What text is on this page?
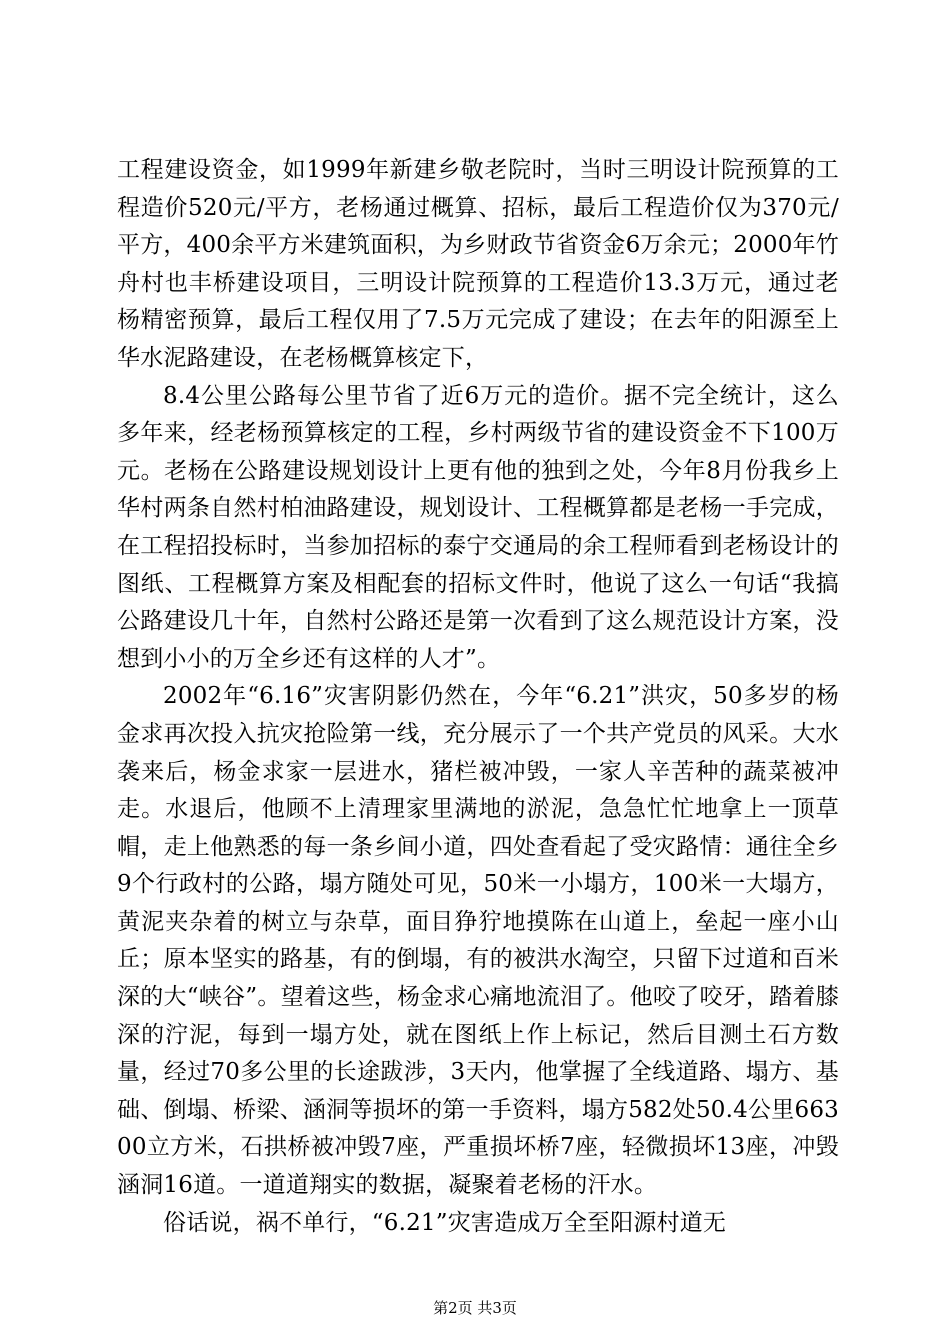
工程建设资金，如1999年新建乡敬老院时，当时三明设计院预算的工程造价520元/平方，老杨通过概算、招标，最后工程造价仅为370元/平方，400余平方米建筑面积，为乡财政节省资金6万余元；2000年竹舟村也丰桥建设项目，三明设计院预算的工程造价13.3万元，通过老杨精密预算，最后工程仅用了7.5万元完成了建设；在去年的阳源至上华水泥路建设，在老杨概算核定下，

8.4公里公路每公里节省了近6万元的造价。据不完全统计，这么多年来，经老杨预算核定的工程，乡村两级节省的建设资金不下100万元。老杨在公路建设规划设计上更有他的独到之处，今年8月份我乡上华村两条自然村柏油路建设，规划设计、工程概算都是老杨一手完成，在工程招投标时，当参加招标的泰宁交通局的余工程师看到老杨设计的图纸、工程概算方案及相配套的招标文件时，他说了这么一句话“我搞公路建设几十年，自然村公路还是第一次看到了这么规范设计方案，没想到小小的万全乡还有这样的人才”。

2002年“6.16”灾害阴影仍然在，今年“6.21”洪灾，50多岁的杨金求再次投入抗灾抢险第一线，充分展示了一个共产党员的风采。大水袭来后，杨金求家一层进水，猪栏被冲毁，一家人辛苦种的蔬菜被冲走。水退后，他顾不上清理家里满地的淤泥，急急忙忙地拿上一顶草帽，走上他熟悉的每一条乡间小道，四处查看起了受灾路情：通往全乡9个行政村的公路，塌方随处可见，50米一小塌方，100米一大塌方，黄泥夹杂着的树立与杂草，面目狰狞地摸陈在山道上，垒起一座小山丘；原本坚实的路基，有的倒塌，有的被洪水淘空，只留下过道和百米深的大“峡谷”。望着这些，杨金求心痛地流泪了。他咬了咬牙，踏着膝深的泞泥，每到一塌方处，就在图纸上作上标记，然后目测土石方数量，经过70多公里的长途跋涉，3天内，他掌握了全线道路、塌方、基础、倒塌、桥梁、涵洞等损坏的第一手资料，塌方582处50.4公里66300立方米，石拱桥被冲毁7座，严重损坏桥7座，轻微损坏13座，冲毁涵洞16道。一道道翔实的数据，凝聚着老杨的汗水。

俗话说，祸不单行，“6.21”灾害造成万全至阳源村道无

第2页 共3页
